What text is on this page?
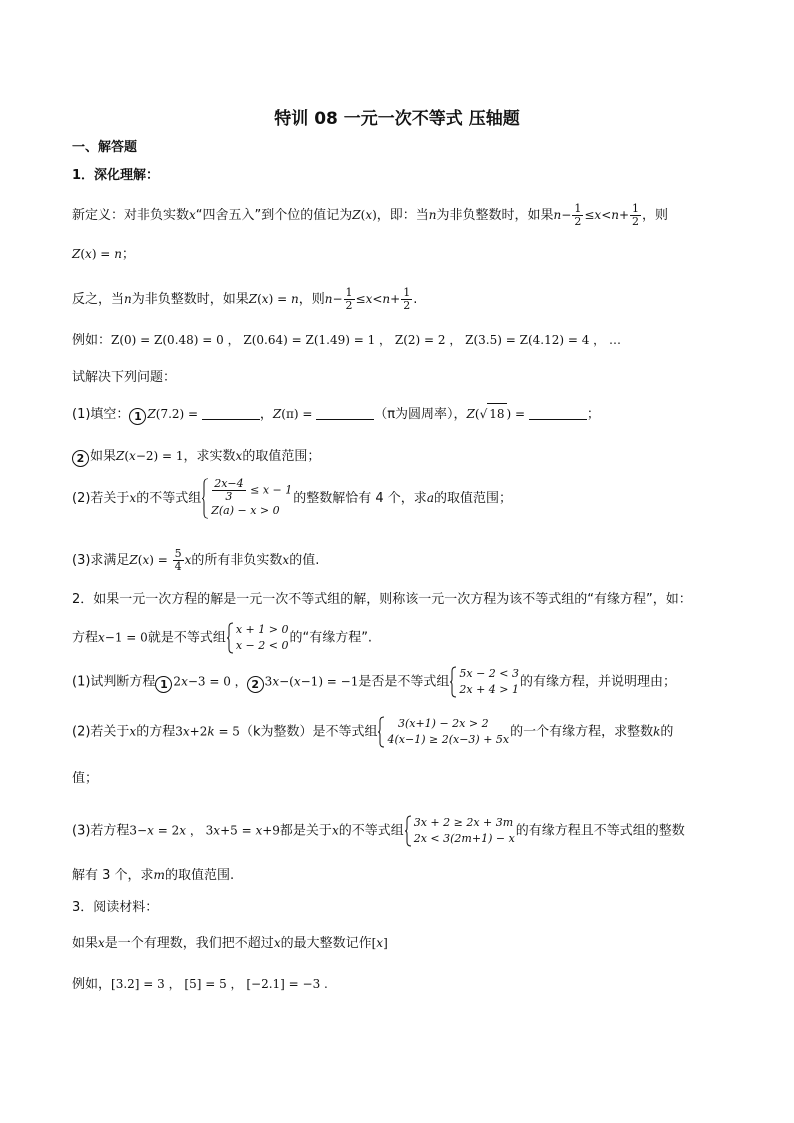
特训 08 一元一次不等式 压轴题
一、解答题
1．深化理解：
新定义：对非负实数x“四舍五入”到个位的值记为Z(x)，即：当n为非负整数时，如果$n- \frac{1}{2} \le x<n+ \frac{1}{2}$ ，则
Z(x) = n；
反之，当n为非负整数时，如果Z(x) = n，则$n- \frac{1}{2} \le x<n+ \frac{1}{2}$ .
例如：Z(0) = Z(0.48) = 0 ， Z(0.64) = Z(1.49) = 1 ， Z(2) = 2 ， Z(3.5) = Z(4.12) = 4 ， …
试解决下列问题：
(1)填空： 1 Z(7.2) =	，Z(π) =	（π为圆周率），Z(√ 18 ) =	；
2 如果Z(x−2) = 1，求实数x的取值范围；
(2)若关于x的不等式组 $\frac{2x-4}{3} \le x - 1$
Z(a) − x > 0
的整数解恰有 4 个，求a的取值范围；
(3)求满足$Z(x) = \frac{5}{4}$ x的所有非负实数x的值.
2．如果一元一次方程的解是一元一次不等式组的解，则称该一元一次方程为该不等式组的“有缘方程”，如：
方程x−1 = 0就是不等式组
x + 1 > 0
x − 2 < 0 的“有缘方程”.
(1)试判断方程 1 2x−3 = 0 ， 2 3x−(x−1) = −1是否是不等式组
5x − 2 < 3
2x + 4 > 1 的有缘方程，并说明理由；
(2)若关于x的方程3x+2k = 5（k为整数）是不等式组
3(x+1) − 2x > 2
4(x−1) ≥ 2(x−3) + 5x 的一个有缘方程，求整数k的
值；
(3)若方程3−x = 2x ， 3x+5 = x+9都是关于x的不等式组
3x + 2 ≥ 2x + 3m
2x < 3(2m+1) − x 的有缘方程且不等式组的整数
解有 3 个，求m的取值范围.
3．阅读材料：
如果x是一个有理数，我们把不超过x的最大整数记作[x]
例如，[3.2] = 3 ， [5] = 5 ， [−2.1] = −3 .
